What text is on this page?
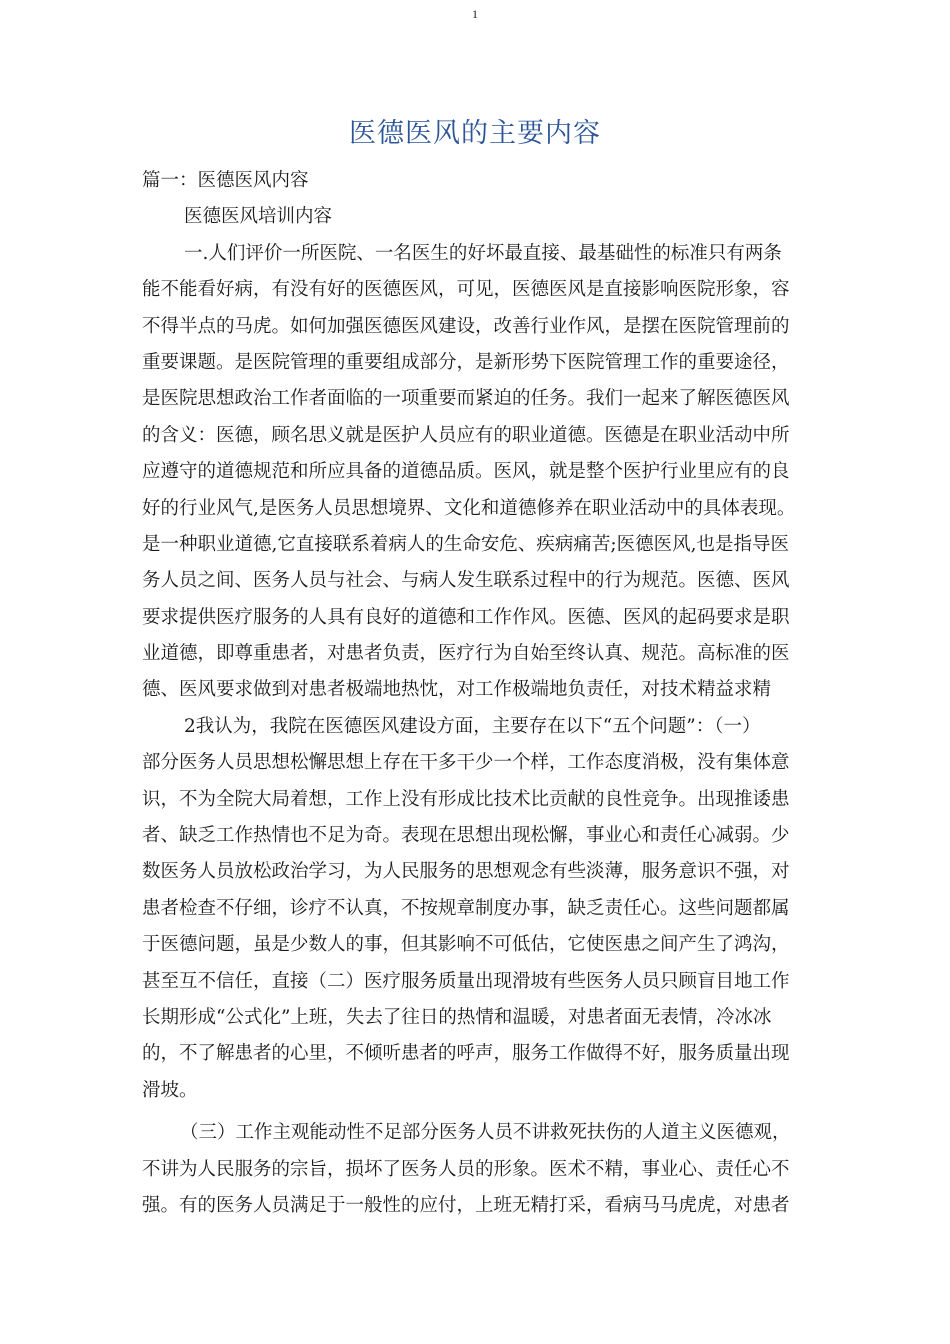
1
医德医风的主要内容
篇一：医德医风内容
医德医风培训内容
一.人们评价一所医院、一名医生的好坏最直接、最基础性的标准只有两条
能不能看好病，有没有好的医德医风，可见，医德医风是直接影响医院形象，容
不得半点的马虎。如何加强医德医风建设，改善行业作风，是摆在医院管理前的
重要课题。是医院管理的重要组成部分，是新形势下医院管理工作的重要途径，
是医院思想政治工作者面临的一项重要而紧迫的任务。我们一起来了解医德医风
的含义：医德，顾名思义就是医护人员应有的职业道德。医德是在职业活动中所
应遵守的道德规范和所应具备的道德品质。医风，就是整个医护行业里应有的良
好的行业风气,是医务人员思想境界、文化和道德修养在职业活动中的具体表现。
是一种职业道德,它直接联系着病人的生命安危、疾病痛苦;医德医风,也是指导医
务人员之间、医务人员与社会、与病人发生联系过程中的行为规范。医德、医风
要求提供医疗服务的人具有良好的道德和工作作风。医德、医风的起码要求是职
业道德，即尊重患者，对患者负责，医疗行为自始至终认真、规范。高标准的医
德、医风要求做到对患者极端地热忱，对工作极端地负责任，对技术精益求精
2我认为，我院在医德医风建设方面，主要存在以下“五个问题”：（一）
部分医务人员思想松懈思想上存在干多干少一个样，工作态度消极，没有集体意
识，不为全院大局着想，工作上没有形成比技术比贡献的良性竞争。出现推诿患
者、缺乏工作热情也不足为奇。表现在思想出现松懈，事业心和责任心减弱。少
数医务人员放松政治学习，为人民服务的思想观念有些淡薄，服务意识不强，对
患者检查不仔细，诊疗不认真，不按规章制度办事，缺乏责任心。这些问题都属
于医德问题，虽是少数人的事，但其影响不可低估，它使医患之间产生了鸿沟，
甚至互不信任，直接（二）医疗服务质量出现滑坡有些医务人员只顾盲目地工作
长期形成“公式化”上班，失去了往日的热情和温暖，对患者面无表情，冷冰冰
的，不了解患者的心里，不倾听患者的呼声，服务工作做得不好，服务质量出现
滑坡。
（三）工作主观能动性不足部分医务人员不讲救死扶伤的人道主义医德观，
不讲为人民服务的宗旨，损坏了医务人员的形象。医术不精，事业心、责任心不
强。有的医务人员满足于一般性的应付，上班无精打采，看病马马虎虎，对患者
